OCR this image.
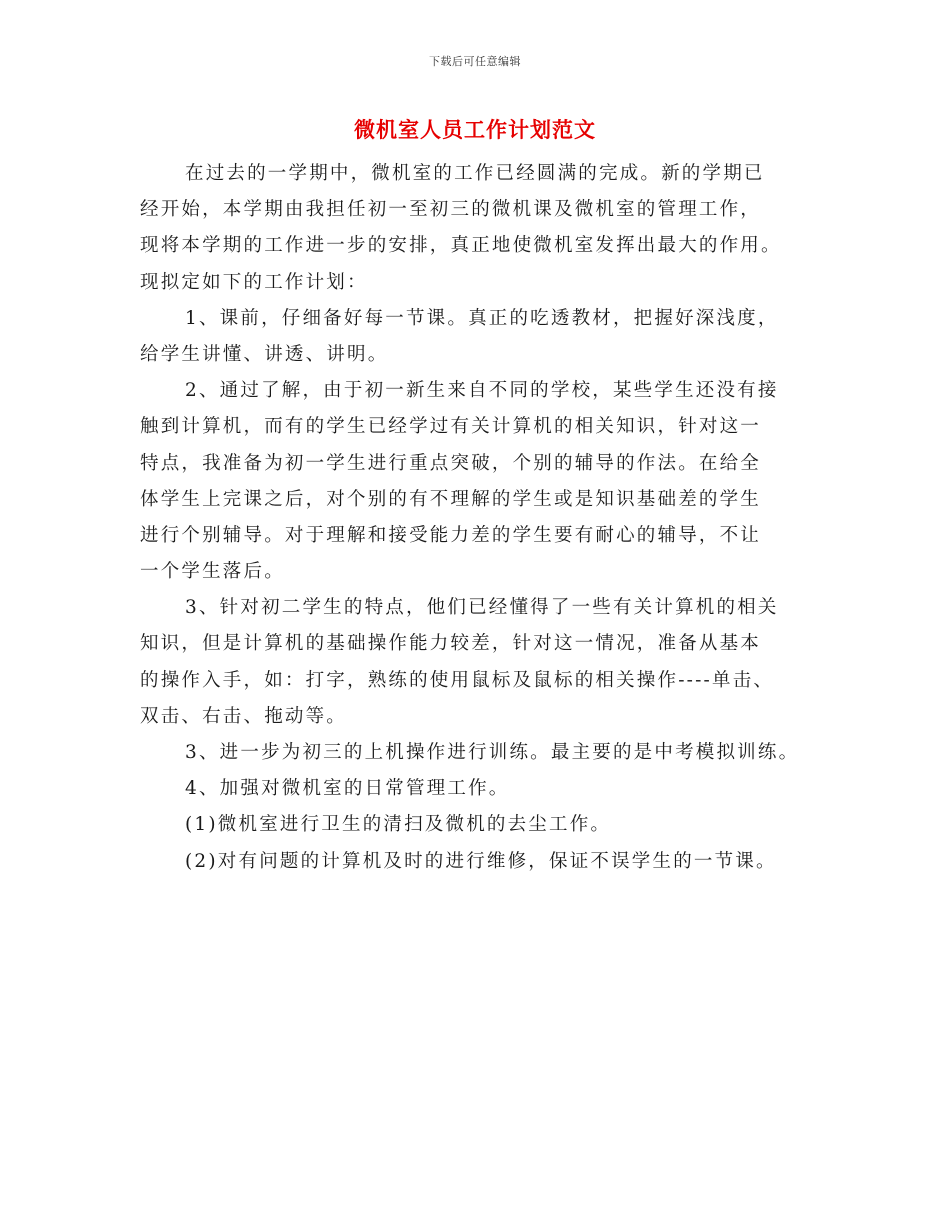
下载后可任意编辑
微机室人员工作计划范文
在过去的一学期中，微机室的工作已经圆满的完成。新的学期已
经开始，本学期由我担任初一至初三的微机课及微机室的管理工作，
现将本学期的工作进一步的安排，真正地使微机室发挥出最大的作用。
现拟定如下的工作计划：
1、课前，仔细备好每一节课。真正的吃透教材，把握好深浅度，
给学生讲懂、讲透、讲明。
2、通过了解，由于初一新生来自不同的学校，某些学生还没有接
触到计算机，而有的学生已经学过有关计算机的相关知识，针对这一
特点，我准备为初一学生进行重点突破，个别的辅导的作法。在给全
体学生上完课之后，对个别的有不理解的学生或是知识基础差的学生
进行个别辅导。对于理解和接受能力差的学生要有耐心的辅导，不让
一个学生落后。
3、针对初二学生的特点，他们已经懂得了一些有关计算机的相关
知识，但是计算机的基础操作能力较差，针对这一情况，准备从基本
的操作入手，如：打字，熟练的使用鼠标及鼠标的相关操作----单击、
双击、右击、拖动等。
3、进一步为初三的上机操作进行训练。最主要的是中考模拟训练。
4、加强对微机室的日常管理工作。
(1)微机室进行卫生的清扫及微机的去尘工作。
(2)对有问题的计算机及时的进行维修，保证不误学生的一节课。
